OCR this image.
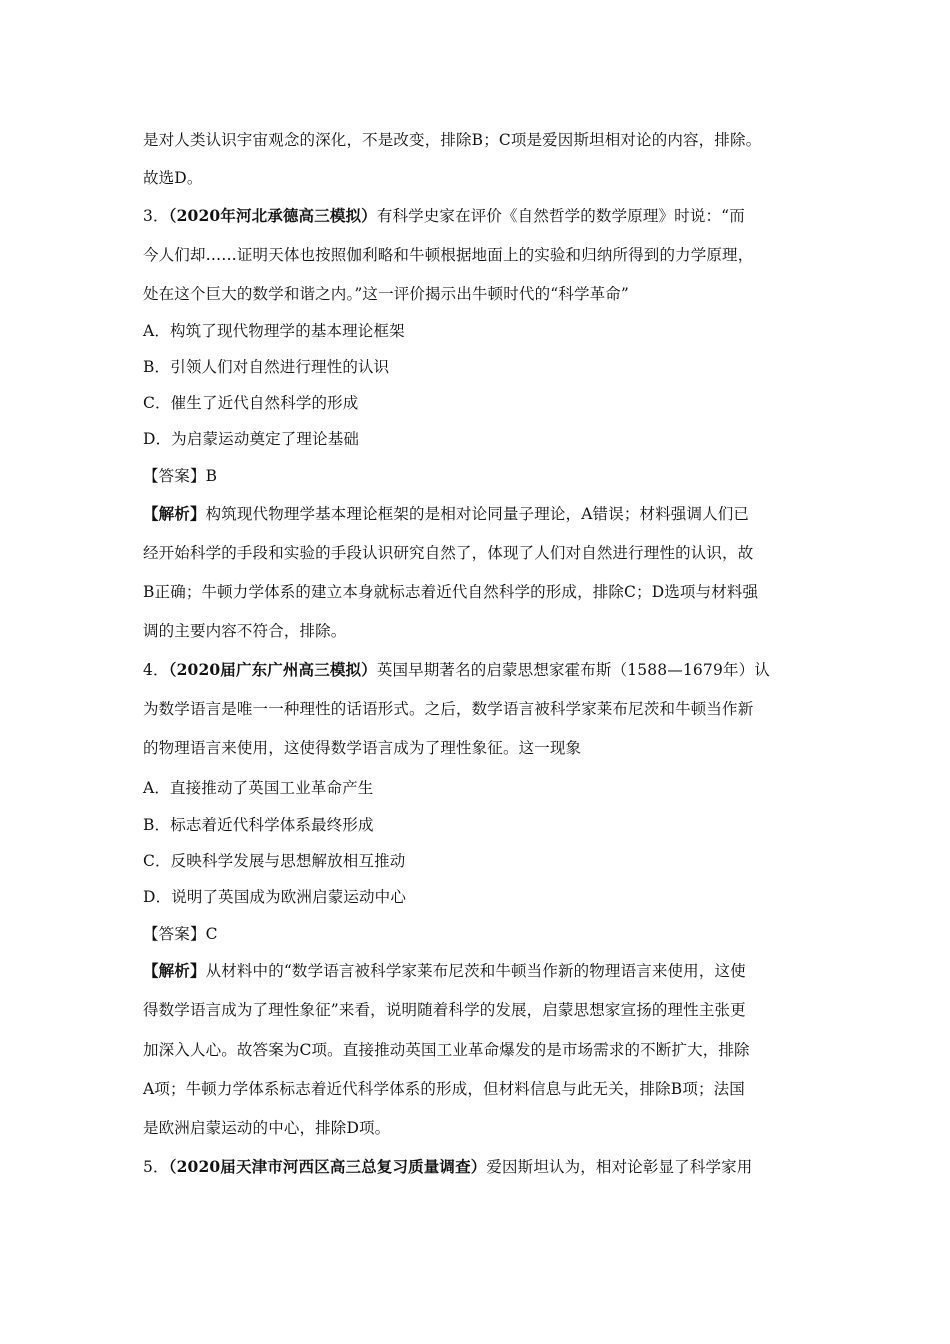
是对人类认识宇宙观念的深化，不是改变，排除B；C项是爱因斯坦相对论的内容，排除。
故选D。
3．（2020年河北承德高三模拟）有科学史家在评价《自然哲学的数学原理》时说：“而
今人们却……证明天体也按照伽利略和牛顿根据地面上的实验和归纳所得到的力学原理，
处在这个巨大的数学和谐之内。”这一评价揭示出牛顿时代的“科学革命”
A．构筑了现代物理学的基本理论框架
B．引领人们对自然进行理性的认识
C．催生了近代自然科学的形成
D．为启蒙运动奠定了理论基础
【答案】B
【解析】构筑现代物理学基本理论框架的是相对论同量子理论，A错误；材料强调人们已
经开始科学的手段和实验的手段认识研究自然了，体现了人们对自然进行理性的认识，故
B正确；牛顿力学体系的建立本身就标志着近代自然科学的形成，排除C；D选项与材料强
调的主要内容不符合，排除。
4．（2020届广东广州高三模拟）英国早期著名的启蒙思想家霍布斯（1588—1679年）认
为数学语言是唯一一种理性的话语形式。之后，数学语言被科学家莱布尼茨和牛顿当作新
的物理语言来使用，这使得数学语言成为了理性象征。这一现象
A．直接推动了英国工业革命产生
B．标志着近代科学体系最终形成
C．反映科学发展与思想解放相互推动
D．说明了英国成为欧洲启蒙运动中心
【答案】C
【解析】从材料中的“数学语言被科学家莱布尼茨和牛顿当作新的物理语言来使用，这使
得数学语言成为了理性象征”来看，说明随着科学的发展，启蒙思想家宣扬的理性主张更
加深入人心。故答案为C项。直接推动英国工业革命爆发的是市场需求的不断扩大，排除
A项；牛顿力学体系标志着近代科学体系的形成，但材料信息与此无关，排除B项；法国
是欧洲启蒙运动的中心，排除D项。
5．（2020届天津市河西区高三总复习质量调查）爱因斯坦认为，相对论彰显了科学家用
